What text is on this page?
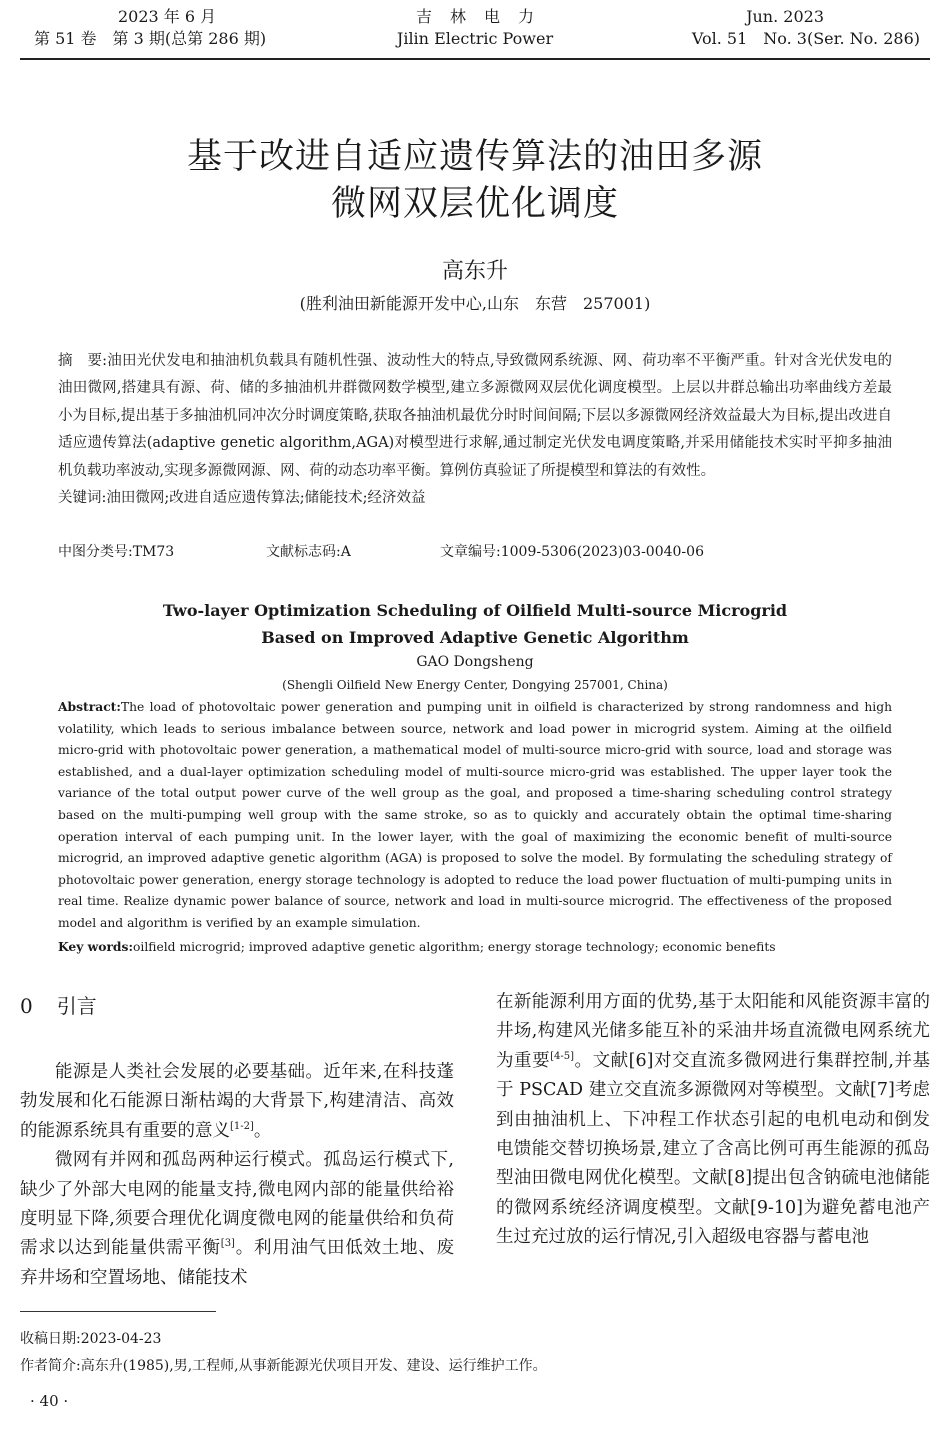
2023 年 6 月
第 51 卷　第 3 期(总第 286 期)
吉林电力
Jilin Electric Power
Jun. 2023
Vol. 51　No. 3(Ser. No. 286)
基于改进自适应遗传算法的油田多源
微网双层优化调度
高东升
(胜利油田新能源开发中心,山东　东营　257001)

摘　要:油田光伏发电和抽油机负载具有随机性强、波动性大的特点,导致微网系统源、网、荷功率不平衡严重。针对含光伏发电的油田微网,搭建具有源、荷、储的多抽油机井群微网数学模型,建立多源微网双层优化调度模型。上层以井群总输出功率曲线方差最小为目标,提出基于多抽油机同冲次分时调度策略,获取各抽油机最优分时时间间隔;下层以多源微网经济效益最大为目标,提出改进自适应遗传算法(adaptive genetic algorithm,AGA)对模型进行求解,通过制定光伏发电调度策略,并采用储能技术实时平抑多抽油机负载功率波动,实现多源微网源、网、荷的动态功率平衡。算例仿真验证了所提模型和算法的有效性。

关键词:油田微网;改进自适应遗传算法;储能技术;经济效益

中图分类号:TM73	文献标志码:A	文章编号:1009-5306(2023)03-0040-06
Two-layer Optimization Scheduling of Oilfield Multi-source Microgrid
Based on Improved Adaptive Genetic Algorithm
GAO Dongsheng
(Shengli Oilfield New Energy Center, Dongying 257001, China)
Abstract:The load of photovoltaic power generation and pumping unit in oilfield is characterized by strong randomness and high volatility, which leads to serious imbalance between source, network and load power in microgrid system. Aiming at the oilfield micro-grid with photovoltaic power generation, a mathematical model of multi-source micro-grid with source, load and storage was established, and a dual-layer optimization scheduling model of multi-source micro-grid was established. The upper layer took the variance of the total output power curve of the well group as the goal, and proposed a time-sharing scheduling control strategy based on the multi-pumping well group with the same stroke, so as to quickly and accurately obtain the optimal time-sharing operation interval of each pumping unit. In the lower layer, with the goal of maximizing the economic benefit of multi-source microgrid, an improved adaptive genetic algorithm (AGA) is proposed to solve the model. By formulating the scheduling strategy of photovoltaic power generation, energy storage technology is adopted to reduce the load power fluctuation of multi-pumping units in real time. Realize dynamic power balance of source, network and load in multi-source microgrid. The effectiveness of the proposed model and algorithm is verified by an example simulation.
Key words:oilfield microgrid; improved adaptive genetic algorithm; energy storage technology; economic benefits
0 引言

能源是人类社会发展的必要基础。近年来,在科技蓬勃发展和化石能源日渐枯竭的大背景下,构建清洁、高效的能源系统具有重要的意义[1-2]。

微网有并网和孤岛两种运行模式。孤岛运行模式下,缺少了外部大电网的能量支持,微电网内部的能量供给裕度明显下降,须要合理优化调度微电网的能量供给和负荷需求以达到能量供需平衡[3]。利用油气田低效土地、废弃井场和空置场地、储能技术

在新能源利用方面的优势,基于太阳能和风能资源丰富的井场,构建风光储多能互补的采油井场直流微电网系统尤为重要[4-5]。文献[6]对交直流多微网进行集群控制,并基于 PSCAD 建立交直流多源微网对等模型。文献[7]考虑到由抽油机上、下冲程工作状态引起的电机电动和倒发电馈能交替切换场景,建立了含高比例可再生能源的孤岛型油田微电网优化模型。文献[8]提出包含钠硫电池储能的微网系统经济调度模型。文献[9-10]为避免蓄电池产生过充过放的运行情况,引入超级电容器与蓄电池

收稿日期:2023-04-23
作者简介:高东升(1985),男,工程师,从事新能源光伏项目开发、建设、运行维护工作。
· 40 ·
